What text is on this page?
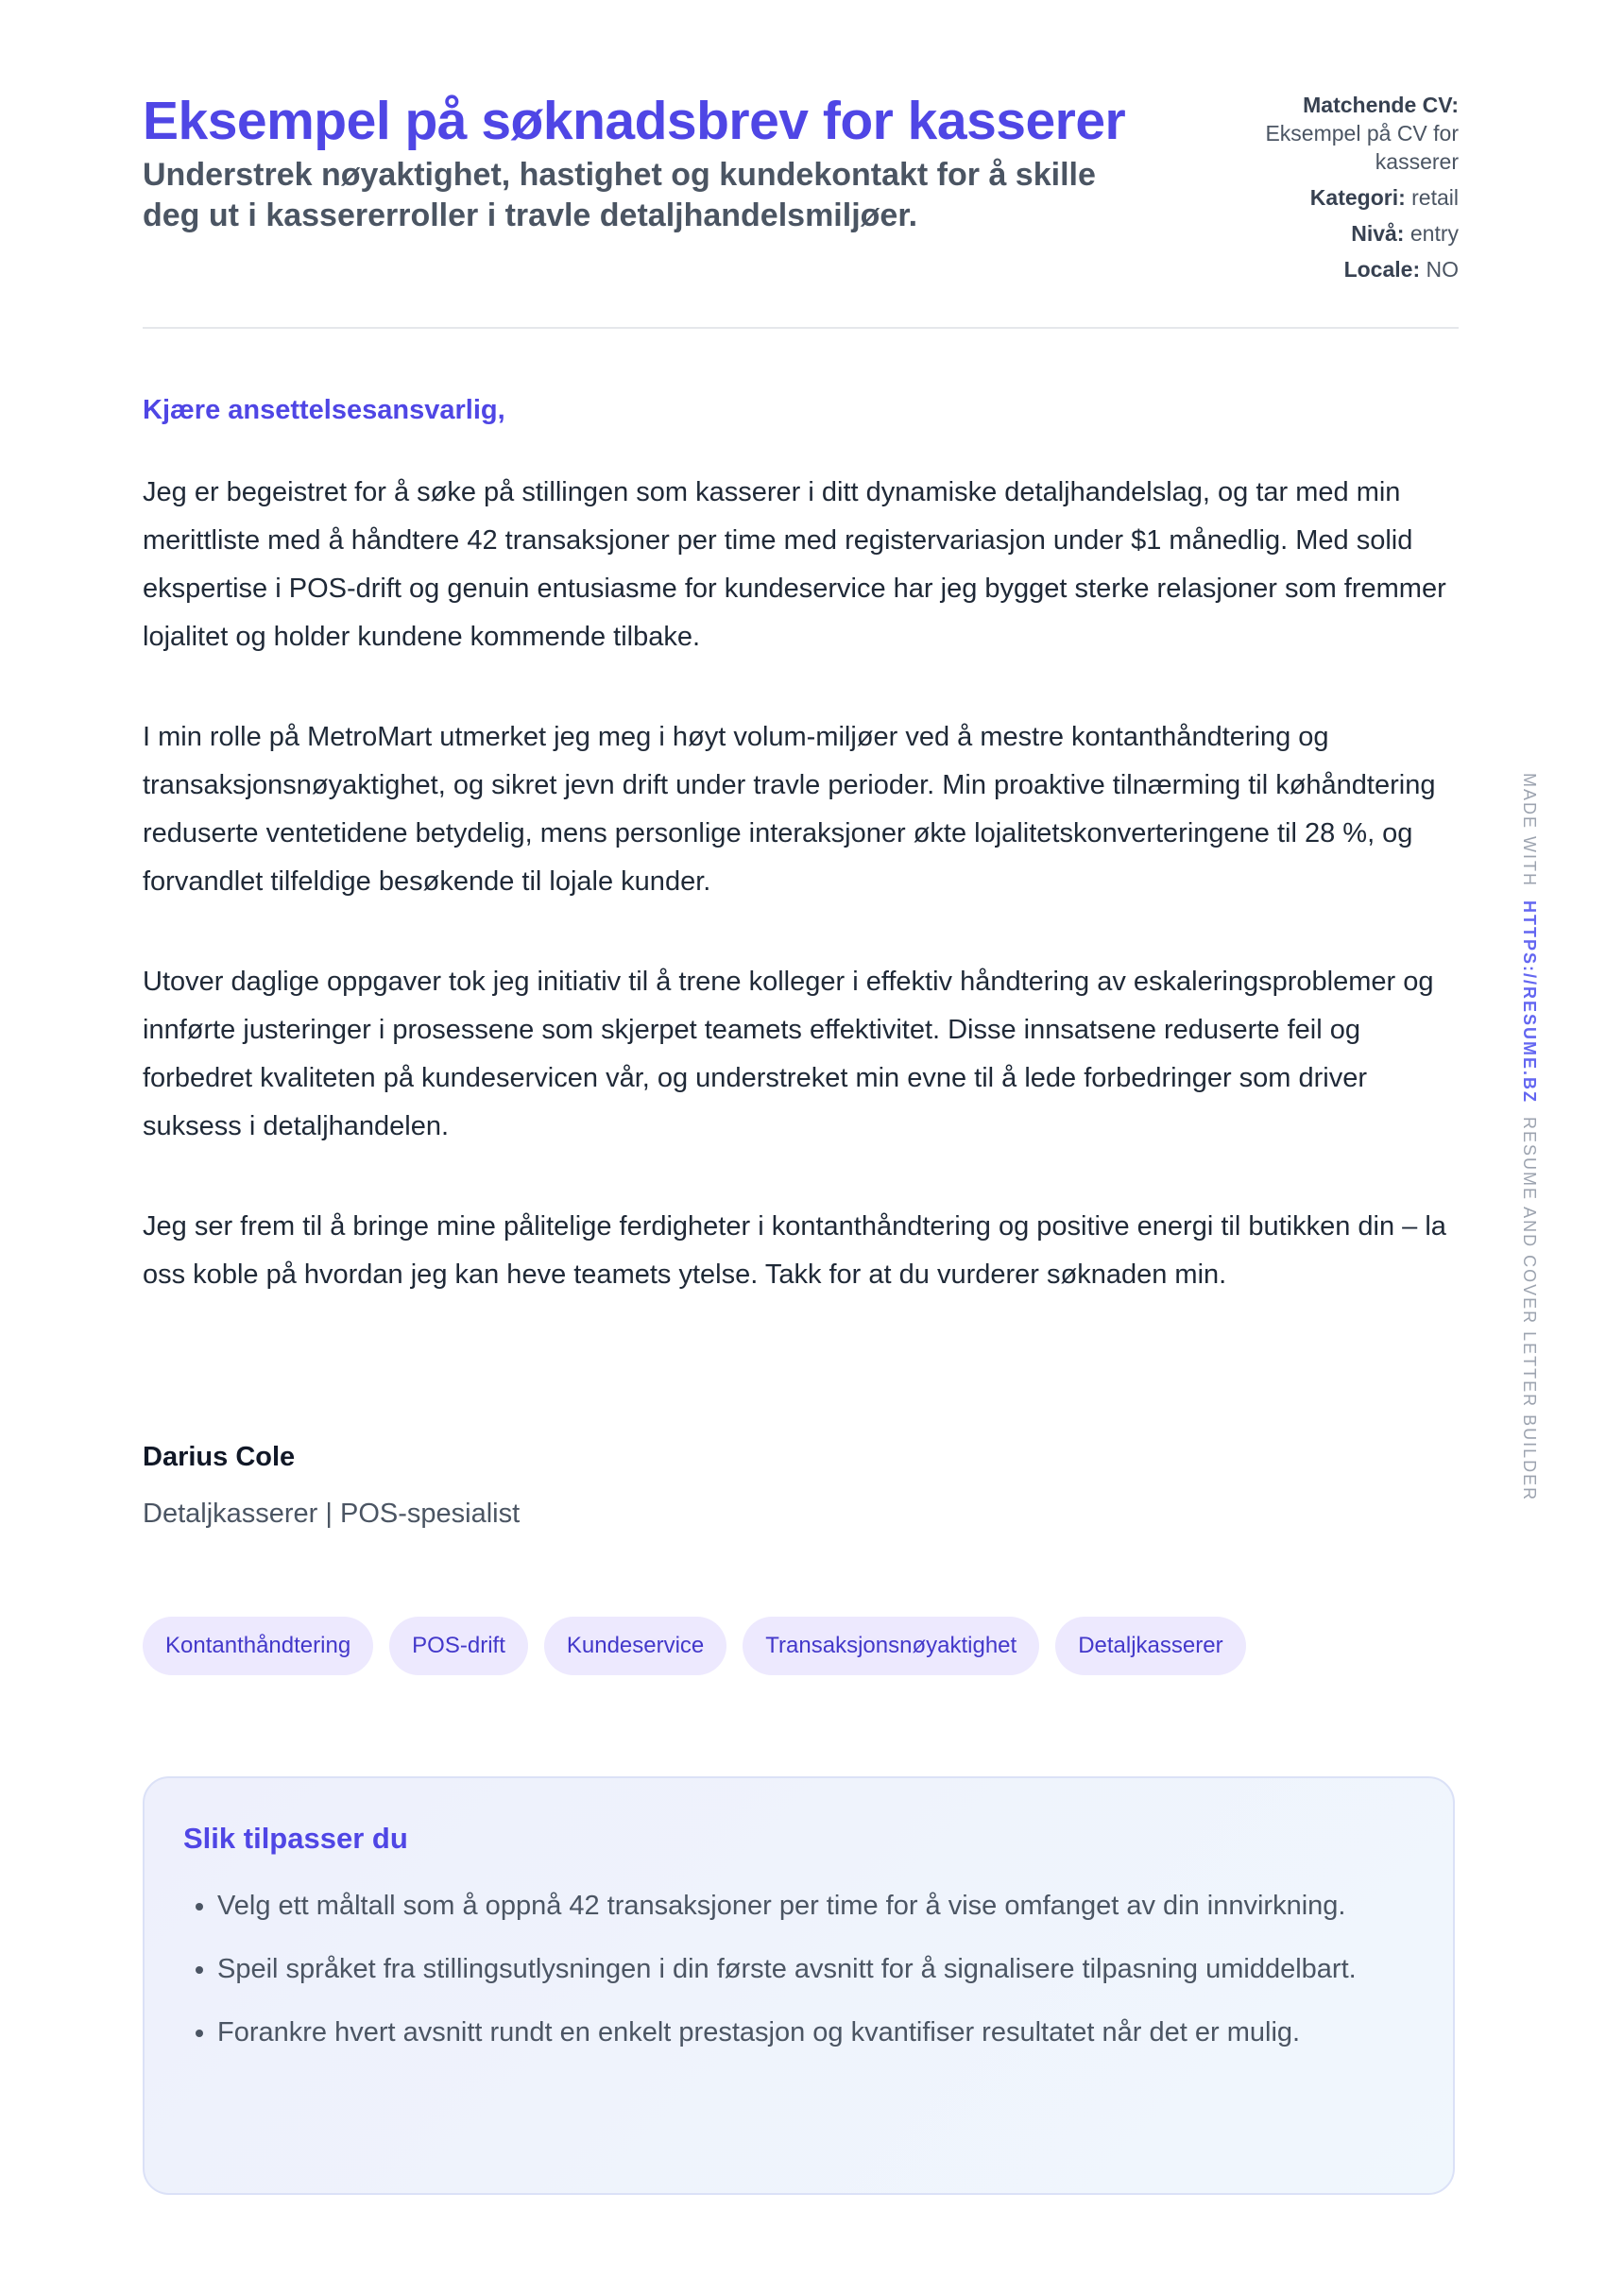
Eksempel på søknadsbrev for kasserer

Understrek nøyaktighet, hastighet og kundekontakt for å skille deg ut i kassererroller i travle detaljhandelsmiljøer.

Matchende CV:
Eksempel på CV for kasserer
Kategori: retail
Nivå: entry
Locale: NO
Kjære ansettelsesansvarlig,

Jeg er begeistret for å søke på stillingen som kasserer i ditt dynamiske detaljhandelslag, og tar med min merittliste med å håndtere 42 transaksjoner per time med registervariasjon under $1 månedlig. Med solid ekspertise i POS-drift og genuin entusiasme for kundeservice har jeg bygget sterke relasjoner som fremmer lojalitet og holder kundene kommende tilbake.

I min rolle på MetroMart utmerket jeg meg i høyt volum-miljøer ved å mestre kontanthåndtering og transaksjonsnøyaktighet, og sikret jevn drift under travle perioder. Min proaktive tilnærming til køhåndtering reduserte ventetidene betydelig, mens personlige interaksjoner økte lojalitetskonverteringene til 28 %, og forvandlet tilfeldige besøkende til lojale kunder.

Utover daglige oppgaver tok jeg initiativ til å trene kolleger i effektiv håndtering av eskaleringsproblemer og innførte justeringer i prosessene som skjerpet teamets effektivitet. Disse innsatsene reduserte feil og forbedret kvaliteten på kundeservicen vår, og understreket min evne til å lede forbedringer som driver suksess i detaljhandelen.

Jeg ser frem til å bringe mine pålitelige ferdigheter i kontanthåndtering og positive energi til butikken din – la oss koble på hvordan jeg kan heve teamets ytelse. Takk for at du vurderer søknaden min.

Darius Cole
Detaljkasserer | POS-spesialist
Kontanthåndtering	POS-drift	Kundeservice	Transaksjonsnøyaktighet	Detaljkasserer
Slik tilpasser du
• Velg ett måltall som å oppnå 42 transaksjoner per time for å vise omfanget av din innvirkning.
• Speil språket fra stillingsutlysningen i din første avsnitt for å signalisere tilpasning umiddelbart.
• Forankre hvert avsnitt rundt en enkelt prestasjon og kvantifiser resultatet når det er mulig.
MADE WITH  HTTPS://RESUME.BZ  RESUME AND COVER LETTER BUILDER
